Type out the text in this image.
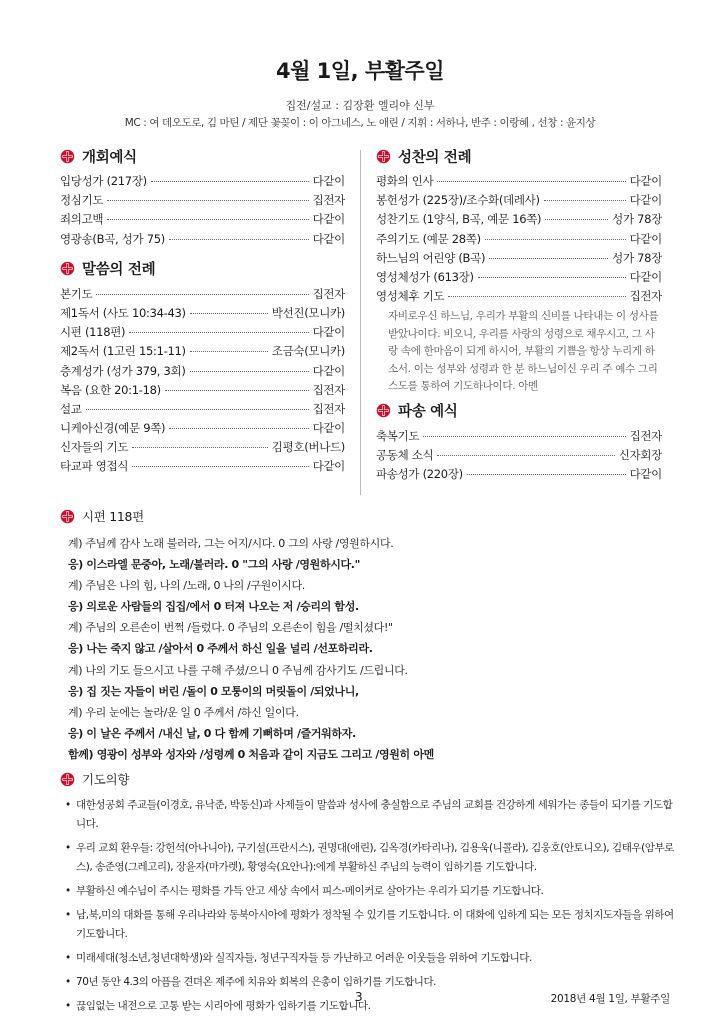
4월 1일, 부활주일
집전/설교 : 김장환 엘리야 신부
MC : 여 데오도로, 김 마틴 / 제단 꽃꽂이 : 이 아그네스, 노 애린 / 지휘 : 서하나, 반주 : 이랑혜 , 선창 : 윤지상
개회예식
입당성가 (217장)	다같이
정심기도	집전자
죄의고백	다같이
영광송(B곡, 성가 75)	다같이
말씀의 전례
본기도	집전자
제1독서 (사도 10:34-43)	박선진(모니카)
시편 (118편)	다같이
제2독서 (1고린 15:1-11)	조금숙(모니카)
층계성가 (성가 379, 3회)	다같이
복음 (요한 20:1-18)	집전자
설교	집전자
니케아신경(예문 9쪽)	다같이
신자들의 기도	김평호(버나드)
타교파 영접식	다같이
성찬의 전례
평화의 인사	다같이
봉헌성가 (225장)/조수화(데레사)	다같이
성찬기도 (1양식, B곡, 예문 16쪽)	성가 78장
주의기도 (예문 28쪽)	다같이
하느님의 어린양 (B곡)	성가 78장
영성체성가 (613장)	다같이
영성체후 기도	집전자

자비로우신 하느님, 우리가 부활의 신비를 나타내는 이 성사를 받았나이다. 비오니, 우리를 사랑의 성령으로 채우시고, 그 사랑 속에 한마음이 되게 하시어, 부활의 기쁨을 항상 누리게 하소서. 이는 성부와 성령과 한 분 하느님이신 우리 주 예수 그리스도를 통하여 기도하나이다. 아멘

파송 예식
축복기도	집전자
공동체 소식	신자회장
파송성가 (220장)	다같이
시편 118편
계) 주님께 감사 노래 불러라, 그는 어지/시다. 0 그의 사랑 /영원하시다.
응) 이스라엘 문중아, 노래/불러라. 0 "그의 사랑 /영원하시다."
계) 주님은 나의 힘, 나의 /노래, 0 나의 /구원이시다.
응) 의로운 사람들의 집집/에서 0 터져 나오는 저 /승리의 함성.
계) 주님의 오른손이 번쩍 /들렸다. 0 주님의 오른손이 힘을 /떨치셨다!"
응) 나는 죽지 않고 /살아서 0 주께서 하신 일을 널리 /선포하리라.
계) 나의 기도 들으시고 나를 구해 주셨/으니 0 주님께 감사기도 /드립니다.
응) 집 짓는 자들이 버린 /돌이 0 모퉁이의 머릿돌이 /되었나니,
계) 우리 눈에는 놀라/운 일 0 주께서 /하신 일이다.
응) 이 날은 주께서 /내신 날, 0 다 함께 기뻐하며 /즐거워하자.
함께) 영광이 성부와 성자와 /성령께 0 처음과 같이 지금도 그리고 /영원히 아멘
기도의향
• 대한성공회 주교들(이경호, 유낙준, 박동신)과 사제들이 말씀과 성사에 충실함으로 주님의 교회를 건강하게 세워가는 종들이 되기를 기도합니다.
• 우리 교회 환우들: 강헌석(아나니아), 구기설(프란시스), 권명대(애린), 김옥경(카타리나), 김용욱(니콜라), 김웅호(안토니오), 김태우(암부로스), 송준영(그레고리), 장윤자(마가렛), 황영숙(요안나):에게 부활하신 주님의 능력이 임하기를 기도합니다.
• 부활하신 예수님이 주시는 평화를 가득 안고 세상 속에서 피스-메이커로 살아가는 우리가 되기를 기도합니다.
• 남,북,미의 대화를 통해 우리나라와 동북아시아에 평화가 정착될 수 있기를 기도합니다. 이 대화에 임하게 되는 모든 정치지도자들을 위하여 기도합니다.
• 미래세대(청소년,청년대학생)와 실직자들, 청년구직자들 등 가난하고 어려운 이웃들을 위하여 기도합니다.
• 70년 동안 4.3의 아픔을 견뎌온 제주에 치유와 회복의 은총이 임하기를 기도합니다.
• 끊임없는 내전으로 고통 받는 시리아에 평화가 임하기를 기도합니다.
3	2018년 4월 1일, 부활주일
